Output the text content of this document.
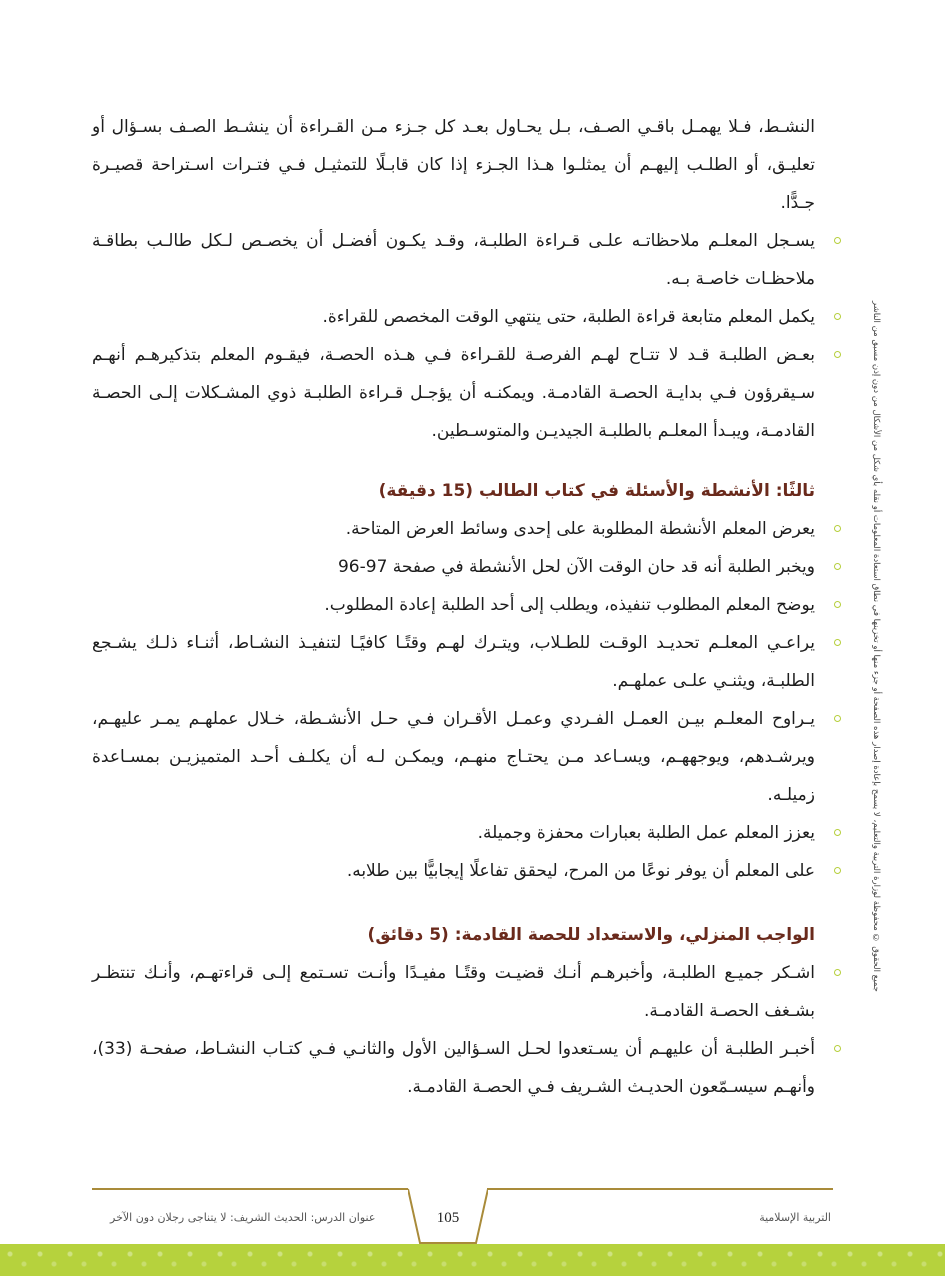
جميع الحقوق © محفوظة لوزارة التربية والتعليم، لا يسمح بإعادة إصدار هذه الصفحة أو جزء منها أو تخزينها في نطاق استعادة المعلومات أو نقله بأي شكل من الأشكال من دون إذن مسبق من الناشر

النشـط، فـلا يهمـل باقـي الصـف، بـل يحـاول بعـد كل جـزء مـن القـراءة أن ينشـط الصـف بسـؤال أو تعليـق، أو الطلـب إليهـم أن يمثلـوا هـذا الجـزء إذا كان قابـلًا للتمثيـل فـي فتـرات اسـتراحة قصيـرة جـدًّا.

يسـجل المعلـم ملاحظاتـه علـى قـراءة الطلبـة، وقـد يكـون أفضـل أن يخصـص لـكل طالـب بطاقـة ملاحظـات خاصـة بـه.
يكمل المعلم متابعة قراءة الطلبة، حتى ينتهي الوقت المخصص للقراءة.
بعـض الطلبـة قـد لا تتـاح لهـم الفرصـة للقـراءة فـي هـذه الحصـة، فيقـوم المعلم بتذكيرهـم أنهـم سـيقرؤون فـي بدايـة الحصـة القادمـة. ويمكنـه أن يؤجـل قـراءة الطلبـة ذوي المشـكلات إلـى الحصـة القادمـة، ويبـدأ المعلـم بالطلبـة الجيديـن والمتوسـطين.
ثالثًا: الأنشطة والأسئلة في كتاب الطالب (15 دقيقة)
يعرض المعلم الأنشطة المطلوبة على إحدى وسائط العرض المتاحة.
ويخبر الطلبة أنه قد حان الوقت الآن لحل الأنشطة في صفحة 97-96
يوضح المعلم المطلوب تنفيذه، ويطلب إلى أحد الطلبة إعادة المطلوب.
يراعـي المعلـم تحديـد الوقـت للطـلاب، ويتـرك لهـم وقتًـا كافيًـا لتنفيـذ النشـاط، أثنـاء ذلـك يشـجع الطلبـة، ويثنـي علـى عملهـم.
يـراوح المعلـم بيـن العمـل الفـردي وعمـل الأقـران فـي حـل الأنشـطة، خـلال عملهـم يمـر عليهـم، ويرشـدهم، ويوجههـم، ويسـاعد مـن يحتـاج منهـم، ويمكـن لـه أن يكلـف أحـد المتميزيـن بمسـاعدة زميلـه.
يعزز المعلم عمل الطلبة بعبارات محفزة وجميلة.
على المعلم أن يوفر نوعًا من المرح، ليحقق تفاعلًا إيجابيًّا بين طلابه.
الواجب المنزلي، والاستعداد للحصة القادمة: (5 دقائق)
اشـكر جميـع الطلبـة، وأخبرهـم أنـك قضيـت وقتًـا مفيـدًا وأنـت تسـتمع إلـى قراءتهـم، وأنـك تنتظـر بشـغف الحصـة القادمـة.
أخبـر الطلبـة أن عليهـم أن يسـتعدوا لحـل السـؤالين الأول والثانـي فـي كتـاب النشـاط، صفحـة (33)، وأنهـم سيسـمّعون الحديـث الشـريف فـي الحصـة القادمـة.
105	التربية الإسلامية
عنوان الدرس: الحديث الشريف: لا يتناجى رجلان دون الآخر
